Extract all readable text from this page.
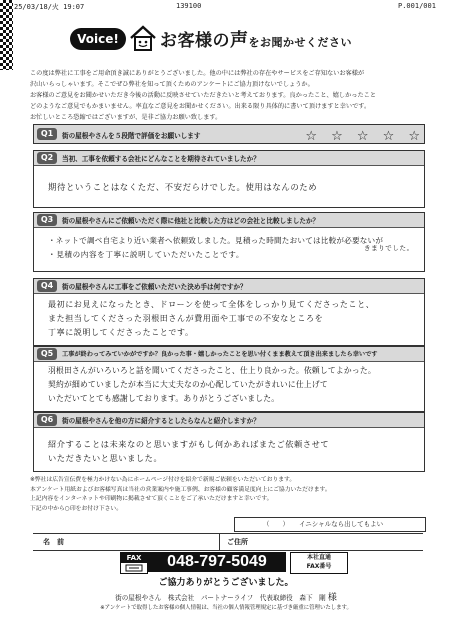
25/03/18/火 19:07	139100	P.001/001
Voice!	お客様の声をお聞かせください
この度は弊社に工事をご用命頂き誠にありがとうございました。他の中には弊社の存在やサービスをご存知ないお客様が
沢山いらっしゃいます。そこでぜひ弊社を知って頂くためのアンケートにご協力頂けないでしょうか。
お客様のご意見をお聞かせいただき今後の活動に反映させていただきたいと考えております。良かったこと、嬉しかったこと
どのようなご意見でもかまいません。率直なご意見をお聞かせください。出来る限り具体的に書いて頂けますと幸いです。
お忙しいところ恐縮ではございますが、是非ご協力お願い致します。
Q1	街の屋根やさんを５段階で評価をお願いします	☆ ☆ ☆ ☆ ☆
Q2	当初、工事を依頼する会社にどんなことを期待されていましたか？
期待ということはなくただ、不安だらけでした。使用はなんのため
Q3	街の屋根やさんにご依頼いただく際に他社と比較した方はどの会社と比較しましたか？
・ネットで調べ自宅より近い業者へ依頼致しました。見積った時間たおいては比較が必要ないが
・見積の内容を丁寧に説明していただいたことです。
きまりでした。
Q4	街の屋根やさんに工事をご依頼いただいた決め手は何ですか？
最初にお見えになったとき、ドローンを使って全体をしっかり見てくださったこと、
また担当してくださった羽根田さんが費用面や工事での不安なところを
丁寧に説明してくださったことです。
Q5	工事が終わってみていかがですか？良かった事・嬉しかったことを思い付くまま教えて頂き出来ましたら幸いです
羽根田さんがいろいろと話を聞いてくださったこと、仕上り良かった。依頼してよかった。
契約が細めていましたが本当に大丈夫なのか心配していたがきれいに仕上げて
いただいてとても感謝しております。ありがとうございました。
Q6	街の屋根やさんを他の方に紹介するとしたらなんと紹介しますか？
紹介することは未来なのと思いますがもし何かあればまたご依頼させて
いただきたいと思いました。
※弊社は広告宣伝費を極力かけない為にホームページ付けを紹介で新規ご依頼をいただいております。
本アンケート用紙およびお客様写真は当社の営業案内や施工事例、お客様の顧客満足度向上にご協力いただけます。
上記内容をインターネットや印刷物に掲載させて頂くことをご了承いただけますと幸いです。
下記の中から○印をお付け下さい。
（　　） イニシャルなら出してもよい
名　前	ご住所
FAX	048-797-5049	本社直通
FAX番号
ご協力ありがとうございました。
街の屋根やさん　株式会社　パートナーライフ　代表取締役　森下　剛 様
※アンケートで取得したお客様の個人情報は、当社の個人情報管理規定に基づき厳重に管理いたします。
